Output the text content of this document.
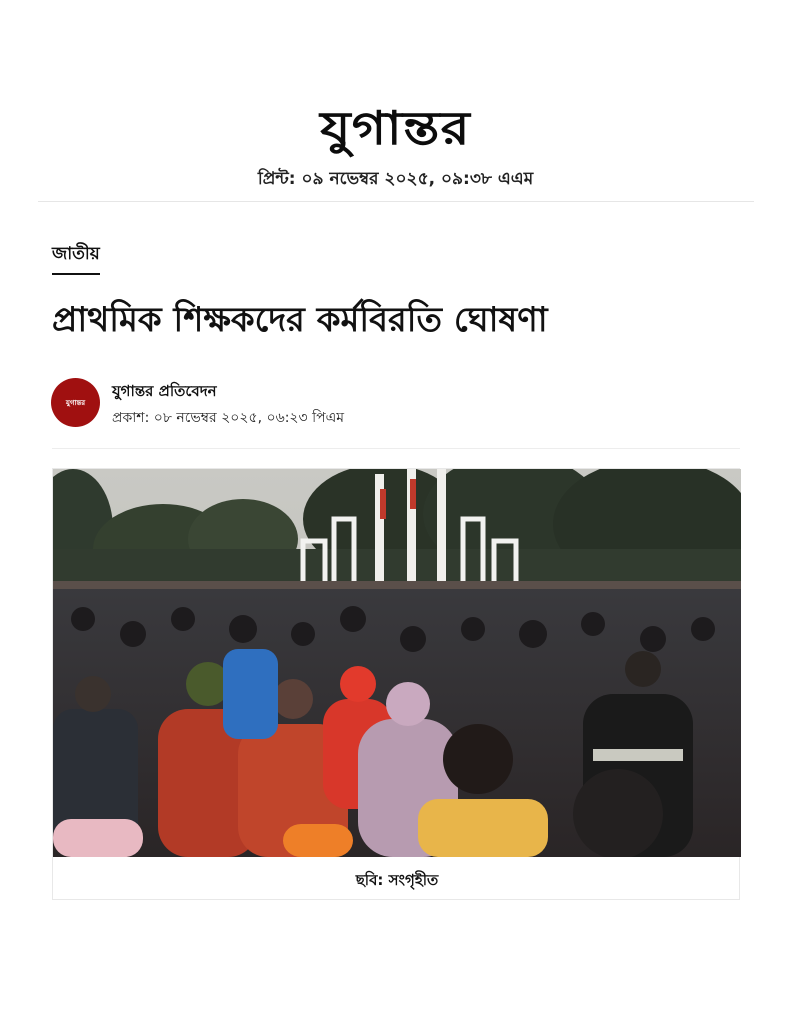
যুগান্তর
প্রিন্ট: ০৯ নভেম্বর ২০২৫, ০৯:৩৮ এএম
জাতীয়
প্রাথমিক শিক্ষকদের কর্মবিরতি ঘোষণা
যুগান্তর
যুগান্তর প্রতিবেদন
প্রকাশ: ০৮ নভেম্বর ২০২৫, ০৬:২৩ পিএম
ছবি: সংগৃহীত
